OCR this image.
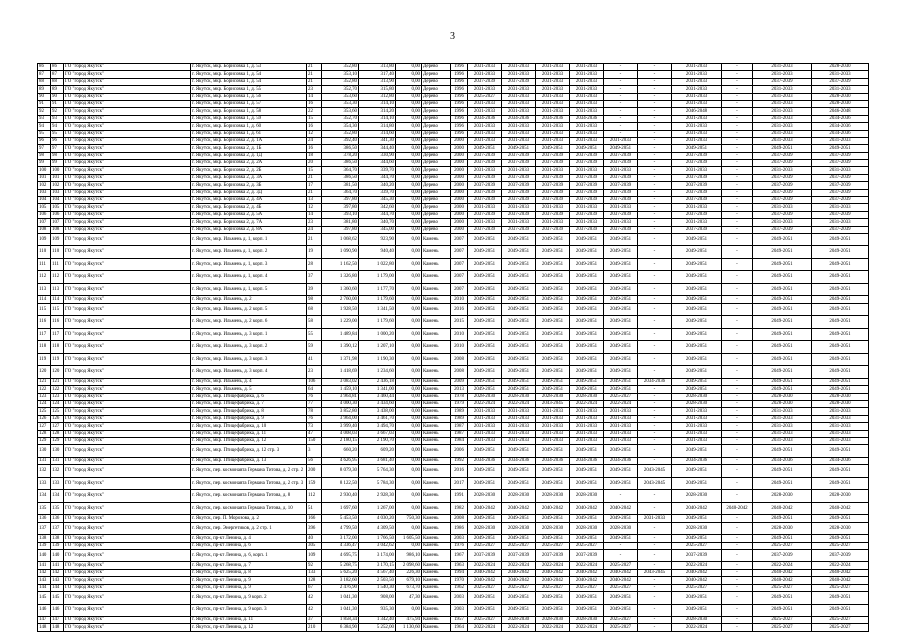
3
86	86	ГО "город Якутск"	г. Якутск, мкр. Борисовка 1, д. 53	21	352,80	313,80	0,00	Дерево	1996	2031-2033	2031-2033	2031-2033	2031-2033	-	-	2031-2033	-	2031-2033	2028-2030
87	87	ГО "город Якутск"	г. Якутск, мкр. Борисовка 1, д. 54	21	353,10	317,40	0,00	Дерево	1996	2031-2033	2031-2033	2031-2033	2031-2033	-	-	2031-2033	-	2031-2033	2031-2033
88	88	ГО "город Якутск"	г. Якутск, мкр. Борисовка 1, д. 54	21	352,80	313,90	0,00	Дерево	1996	2037-2039	2037-2039	2031-2033	2031-2033	-	-	2031-2033	-	2037-2039	2037-2039
89	89	ГО "город Якутск"	г. Якутск, мкр. Борисовка 1, д. 55	23	352,70	315,80	0,00	Дерево	1996	2031-2033	2031-2033	2031-2033	2031-2033	-	-	2031-2033	-	2031-2033	2031-2033
90	90	ГО "город Якутск"	г. Якутск, мкр. Борисовка 1, д. 56	14	353,60	312,80	0,00	Дерево	1996	2025-2027	2031-2033	2031-2033	2031-2033	-	-	2031-2033	-	2031-2033	2028-2030
91	91	ГО "город Якутск"	г. Якутск, мкр. Борисовка 1, д. 57	16	353,30	314,10	0,00	Дерево	1996	2031-2033	2031-2033	2031-2033	2031-2033	-	-	2031-2033	-	2031-2033	2028-2030
92	92	ГО "город Якутск"	г. Якутск, мкр. Борисовка 1, д. 58	22	353,60	314,20	0,00	Дерево	1996	2031-2033	2031-2033	2031-2033	2031-2033	-	-	2046-2048	-	2031-2033	2046-2048
93	93	ГО "город Якутск"	г. Якутск, мкр. Борисовка 1, д. 59	15	352,70	314,10	0,00	Дерево	1996	2034-2036	2034-2036	2034-2036	2034-2036	-	-	2031-2033	-	2031-2033	2034-2036
94	94	ГО "город Якутск"	г. Якутск, мкр. Борисовка 1, д. 60	16	354,30	314,80	0,00	Дерево	1996	2031-2033	2031-2033	2031-2033	2031-2033	-	-	2031-2033	-	2031-2033	2034-2036
95	95	ГО "город Якутск"	г. Якутск, мкр. Борисовка 1, д. 61	12	352,80	314,60	0,00	Дерево	1996	2031-2033	2031-2033	2031-2033	2031-2033	-	-	2031-2033	-	2031-2033	2034-2036
96	96	ГО "город Якутск"	г. Якутск, мкр. Борисовка 2, д. 1А	24	392,40	341,30	0,00	Дерево	2000	2031-2033	2031-2033	2031-2033	2031-2033	2031-2033	-	2031-2033	-	2031-2033	2031-2033
97	97	ГО "город Якутск"	г. Якутск, мкр. Борисовка 2, д. 1Б	16	386,50	344,40	0,00	Дерево	2000	2049-2051	2049-2051	2049-2051	2049-2051	2049-2051	-	2049-2051	-	2049-2051	2049-2051
98	98	ГО "город Якутск"	г. Якутск, мкр. Борисовка 2, д. 1Д	18	378,20	330,90	0,00	Дерево	2000	2037-2039	2037-2039	2037-2039	2037-2039	2037-2039	-	2037-2039	-	2037-2039	2037-2039
99	99	ГО "город Якутск"	г. Якутск, мкр. Борисовка 2, д. 2А	20	386,50	344,60	0,00	Дерево	2000	2037-2039	2037-2039	2037-2039	2037-2039	2037-2039	-	2037-2039	-	2037-2039	2037-2039
100	100	ГО "город Якутск"	г. Якутск, мкр. Борисовка 2, д. 2Б	15	364,70	339,70	0,00	Дерево	2000	2031-2033	2031-2033	2031-2033	2031-2033	2031-2033	-	2031-2033	-	2031-2033	2031-2033
101	101	ГО "город Якутск"	г. Якутск, мкр. Борисовка 2, д. 3А	21	386,50	344,70	0,00	Дерево	2000	2037-2039	2037-2039	2037-2039	2037-2039	2037-2039	-	2037-2039	-	2037-2039	2037-2039
102	102	ГО "город Якутск"	г. Якутск, мкр. Борисовка 2, д. 3Б	17	381,50	340,20	0,00	Дерево	2000	2037-2039	2037-2039	2037-2039	2037-2039	2037-2039	-	2037-2039	-	2037-2039	2037-2039
103	103	ГО "город Якутск"	г. Якутск, мкр. Борисовка 2, д. 3Д	21	364,70	339,70	0,00	Дерево	2000	2037-2039	2037-2039	2037-2039	2037-2039	2037-2039	-	2037-2039	-	2037-2039	2037-2039
104	104	ГО "город Якутск"	г. Якутск, мкр. Борисовка 2, д. 4А	13	397,80	345,30	0,00	Дерево	2000	2037-2039	2037-2039	2037-2039	2037-2039	2037-2039	-	2037-2039	-	2037-2039	2037-2039
105	105	ГО "город Якутск"	г. Якутск, мкр. Борисовка 2, д. 4Б	12	397,80	342,60	0,00	Дерево	2000	2031-2033	2031-2033	2031-2033	2031-2033	2031-2033	-	2031-2033	-	2031-2033	2031-2033
106	106	ГО "город Якутск"	г. Якутск, мкр. Борисовка 2, д. 5А	14	393,10	344,70	0,00	Дерево	2000	2037-2039	2037-2039	2037-2039	2037-2039	2037-2039	-	2037-2039	-	2037-2039	2037-2039
107	107	ГО "город Якутск"	г. Якутск, мкр. Борисовка 2, д. 7А	23	381,80	340,70	0,00	Дерево	2000	2031-2033	2031-2033	2031-2033	2031-2033	2031-2033	-	2031-2033	-	2031-2033	2031-2033
108	108	ГО "город Якутск"	г. Якутск, мкр. Борисовка 2, д. 8А	24	397,80	345,00	0,00	Дерево	2000	2037-2039	2037-2039	2037-2039	2037-2039	2037-2039	-	2037-2039	-	2037-2039	2037-2039
109	109	ГО "город Якутск"	г. Якутск, мкр. Ильмень д. 1, корп. 1	21	1 068,62	923,90	0,00	Камень	2007	2049-2051	2049-2051	2049-2051	2049-2051	2049-2051	-	2049-2051	-	2049-2051	2049-2051
110	110	ГО "город Якутск"	г. Якутск, мкр. Ильмень д. 1, корп. 2	19	1 090,90	940,40	0,00	Камень	2007	2049-2051	2049-2051	2049-2051	2049-2051	2049-2051	-	2049-2051	-	2049-2051	2049-2051
111	111	ГО "город Якутск"	г. Якутск, мкр. Ильмень д. 1, корп. 3	28	1 162,50	1 022,80	0,00	Камень	2007	2049-2051	2049-2051	2049-2051	2049-2051	2049-2051	-	2049-2051	-	2049-2051	2049-2051
112	112	ГО "город Якутск"	г. Якутск, мкр. Ильмень д. 1, корп. 4	37	1 326,80	1 179,00	0,00	Камень	2007	2049-2051	2049-2051	2049-2051	2049-2051	2049-2051	-	2049-2051	-	2049-2051	2049-2051
113	113	ГО "город Якутск"	г. Якутск, мкр. Ильмень д. 1, корп. 5	39	1 360,60	1 177,70	0,00	Камень	2007	2049-2051	2049-2051	2049-2051	2049-2051	2049-2051	-	2049-2051	-	2049-2051	2049-2051
114	114	ГО "город Якутск"	г. Якутск, мкр. Ильмень, д. 2	98	2 760,00	1 179,60	0,00	Камень	2010	2049-2051	2049-2051	2049-2051	2049-2051	2049-2051	-	2049-2051	-	2049-2051	2049-2051
115	115	ГО "город Якутск"	г. Якутск, мкр. Ильмень, д. 2 корп. 5	68	1 928,50	1 341,50	0,00	Камень	2016	2049-2051	2049-2051	2049-2051	2049-2051	2049-2051	-	2049-2051	-	2049-2051	2049-2051
116	116	ГО "город Якутск"	г. Якутск, мкр. Ильмень, д. 2 корп. 6	58	1 229,00	1 179,60	0,00	Камень	2015	2049-2051	2049-2051	2049-2051	2049-2051	2049-2051	-	2049-2051	-	2049-2051	2049-2051
117	117	ГО "город Якутск"	г. Якутск, мкр. Ильмень, д. 3 корп. 1	55	1 489,84	1 000,20	0,00	Камень	2010	2049-2051	2049-2051	2049-2051	2049-2051	2049-2051	-	2049-2051	-	2049-2051	2049-2051
118	118	ГО "город Якутск"	г. Якутск, мкр. Ильмень, д. 3 корп. 2	59	1 390,12	1 207,10	0,00	Камень	2010	2049-2051	2049-2051	2049-2051	2049-2051	2049-2051	-	2049-2051	-	2049-2051	2049-2051
119	119	ГО "город Якутск"	г. Якутск, мкр. Ильмень, д. 3 корп. 3	41	1 371,98	1 190,30	0,00	Камень	2008	2049-2051	2049-2051	2049-2051	2049-2051	2049-2051	-	2049-2051	-	2049-2051	2049-2051
120	120	ГО "город Якутск"	г. Якутск, мкр. Ильмень, д. 3 корп. 4	23	1 418,69	1 234,60	0,00	Камень	2008	2049-2051	2049-2051	2049-2051	2049-2051	2049-2051	-	2049-2051	-	2049-2051	2049-2051
121	121	ГО "город Якутск"	г. Якутск, мкр. Ильмень, д. 4	106	3 083,02	2 436,18	0,00	Камень	2009	2049-2051	2049-2051	2049-2051	2049-2051	2049-2051	2034-2036	2049-2051	-	2049-2051	2049-2051
122	122	ГО "город Якутск"	г. Якутск, мкр. Ильмень, д. 5	64	1 459,10	1 341,00	0,00	Камень	2013	2049-2051	2049-2051	2049-2051	2049-2051	2049-2051	-	2049-2051	-	2049-2051	2049-2051
123	123	ГО "город Якутск"	г. Якутск, мкр. Птицефабрика, д. 6	76	3 964,81	3 460,44	0,00	Камень	1978	2028-2030	2028-2030	2028-2030	2028-2030	2025-2027	-	2028-2030	-	2028-2030	2028-2030
124	124	ГО "город Якутск"	г. Якутск, мкр. Птицефабрика, д. 7	77	4 000,30	3 434,60	0,00	Камень	1979	2022-2024	2022-2024	2043-2045	2022-2024	2022-2024	-	2028-2030	-	2028-2030	2028-2030
125	125	ГО "город Якутск"	г. Якутск, мкр. Птицефабрика, д. 8	78	3 852,80	3 438,00	0,00	Камень	1989	2031-2033	2031-2033	2031-2033	2031-2033	2031-2033	-	2031-2033	-	2031-2033	2031-2033
126	126	ГО "город Якутск"	г. Якутск, мкр. Птицефабрика, д. 9	76	3 964,00	3 461,70	0,00	Камень	1989	2031-2033	2031-2033	2031-2033	2031-2033	2031-2033	-	2031-2033	-	2031-2033	2031-2033
127	127	ГО "город Якутск"	г. Якутск, мкр. Птицефабрика, д. 10	73	3 999,40	3 494,70	0,00	Камень	1987	2031-2033	2031-2033	2031-2033	2031-2033	2031-2033	-	2031-2033	-	2031-2033	2031-2033
128	128	ГО "город Якутск"	г. Якутск, мкр. Птицефабрика, д. 11	47	4 008,03	3 667,03	0,00	Камень	1987	2031-2033	2031-2033	2031-2033	2031-2033	2031-2033	-	2031-2033	-	2031-2033	2031-2033
129	129	ГО "город Якутск"	г. Якутск, мкр. Птицефабрика, д. 12	150	2 180,15	2 190,70	0,00	Камень	1984	2031-2033	2031-2033	2031-2033	2031-2033	2031-2033	-	2031-2033	-	2031-2033	2031-2033
130	130	ГО "город Якутск"	г. Якутск, мкр. Птицефабрика, д. 12 стр. 3	3	660,20	609,20	0,00	Камень	2006	2049-2051	2049-2051	2049-2051	2049-2051	2049-2051	-	2049-2051	-	2049-2051	2049-2051
131	131	ГО "город Якутск"	г. Якутск, мкр. Птицефабрика, д. 13	56	4 626,95	3 681,40	0,00	Камень	1992	2034-2036	2034-2036	2034-2036	2034-2036	2034-2036	-	2034-2036	-	2034-2036	2034-2036
132	132	ГО "город Якутск"	г. Якутск, пер. космонавта Германа Титова, д. 2 стр. 2	200	8 079,30	5 764,30	0,00	Камень	2016	2049-2051	2049-2051	2049-2051	2049-2051	2049-2051	2043-2045	2049-2051	-	2049-2051	2049-2051
133	133	ГО "город Якутск"	г. Якутск, пер. космонавта Германа Титова, д. 2 стр. 3	159	8 122,50	5 784,30	0,00	Камень	2017	2049-2051	2049-2051	2049-2051	2049-2051	2049-2051	2043-2045	2049-2051	-	2049-2051	2049-2051
134	134	ГО "город Якутск"	г. Якутск, пер. космонавта Германа Титова, д. 8	112	2 930,40	2 928,30	0,00	Камень	1991	2028-2030	2028-2030	2028-2030	2028-2030	-	-	2028-2030	-	2028-2030	2028-2030
135	135	ГО "город Якутск"	г. Якутск, пер. космонавта Германа Титова, д. 10	51	1 697,60	1 267,00	0,00	Камень	1982	2040-2042	2040-2042	2040-2042	2040-2042	2040-2042	-	2040-2042	2040-2042	2040-2042	2040-2042
136	136	ГО "город Якутск"	г. Якутск, пер. П. Морозова, д. 2	166	5 453,50	4 030,20	750,30	Камень	2008	2049-2051	2049-2051	2049-2051	2049-2051	2049-2051	2031-2033	2049-2051	-	2049-2051	2049-2051
137	137	ГО "город Якутск"	г. Якутск, пер. Энергетиков, д. 2 стр. 1	396	4 799,50	4 309,50	0,00	Камень	1986	2028-2030	2028-2030	2028-2030	2028-2030	2028-2030	-	2028-2030	-	2028-2030	2028-2030
138	138	ГО "город Якутск"	г. Якутск, пр-кт Ленина, д. 4	40	3 172,00	1 766,50	1 605,50	Камень	2003	2049-2051	2049-2051	2049-2051	2049-2051	2049-2051	-	2049-2051	-	2049-2051	2049-2051
139	139	ГО "город Якутск"	г. Якутск, пр-кт Ленина, д. 6	305	4 336,47	3 042,62	0,00	Камень	1976	2025-2027	2025-2027	2025-2027	2025-2027	-	-	2025-2027	-	2025-2027	2025-2027
140	140	ГО "город Якутск"	г. Якутск, пр-кт Ленина, д. 6, корп. 1	109	4 695,75	3 174,00	986,10	Камень	1967	2037-2039	2037-2039	2037-2039	2037-2039	-	-	2037-2039	-	2037-2039	2037-2039
141	141	ГО "город Якутск"	г. Якутск, пр-кт Ленина, д. 7	92	5 268,75	3 170,15	2 098,60	Камень	1963	2022-2024	2022-2024	2022-2024	2022-2024	2025-2027	-	2022-2024	-	2022-2024	2022-2024
142	142	ГО "город Якутск"	г. Якутск, пр-кт Ленина, д. 8	133	5 625,20	4 567,40	226,30	Камень	1994	2040-2042	2040-2042	2040-2042	2040-2042	2040-2042	2043-2045	2040-2042	-	2040-2042	2040-2042
143	143	ГО "город Якутск"	г. Якутск, пр-кт Ленина, д. 9	128	3 182,60	2 503,50	679,10	Камень	1970	2040-2042	2040-2042	2040-2042	2040-2042	2040-2042	-	2040-2042	-	2040-2042	2040-2042
144	144	ГО "город Якутск"	г. Якутск, пр-кт Ленина, д. 9	67	2 476,90	1 540,30	673,70	Камень	1962	2025-2027	2025-2027	2025-2027	2025-2027	2025-2027	-	2025-2027	-	2025-2027	2025-2027
145	145	ГО "город Якутск"	г. Якутск, пр-кт Ленина, д. 9 корп. 2	42	1 041,30	908,00	47,30	Камень	2003	2049-2051	2049-2051	2049-2051	2049-2051	2049-2051	-	2049-2051	-	2049-2051	2049-2051
146	146	ГО "город Якутск"	г. Якутск, пр-кт Ленина, д. 9 корп. 3	42	1 041,30	935,30	0,00	Камень	2003	2049-2051	2049-2051	2049-2051	2049-2051	2049-2051	-	2049-2051	-	2049-2051	2049-2051
147	147	ГО "город Якутск"	г. Якутск, пр-кт Ленина, д. 11	37	1 858,34	1 342,40	475,94	Камень	1957	2025-2027	2028-2030	2028-2030	2028-2030	2025-2027	-	2028-2030	-	2025-2027	2025-2027
148	148	ГО "город Якутск"	г. Якутск, пр-кт Ленина, д. 12	210	6 384,90	5 252,00	1 130,60	Камень	1964	2022-2024	2022-2024	2022-2024	2022-2024	2025-2027	-	2022-2024	-	2025-2027	2025-2027
